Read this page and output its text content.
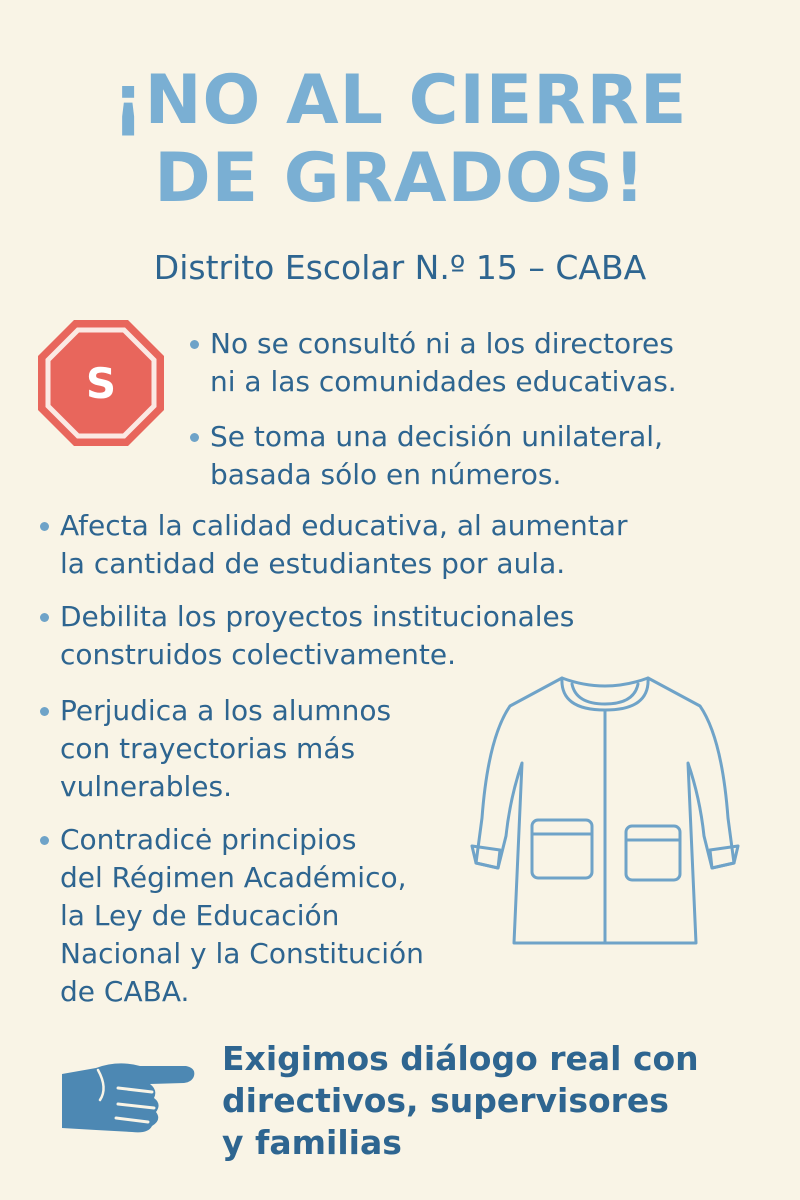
¡NO AL CIERRE
DE GRADOS!
Distrito Escolar N.º 15 – CABA
S
No se consultó ni a los directores
ni a las comunidades educativas.
Se toma una decisión unilateral,
basada sólo en números.
Afecta la calidad educativa, al aumentar
la cantidad de estudiantes por aula.
Debilita los proyectos institucionales
construidos colectivamente.
Perjudica a los alumnos
con trayectorias más
vulnerables.
Contradicė principios
del Régimen Académico,
la Ley de Educación
Nacional y la Constitución
de CABA.

Exigimos diálogo real con
directivos, supervisores
y familias
